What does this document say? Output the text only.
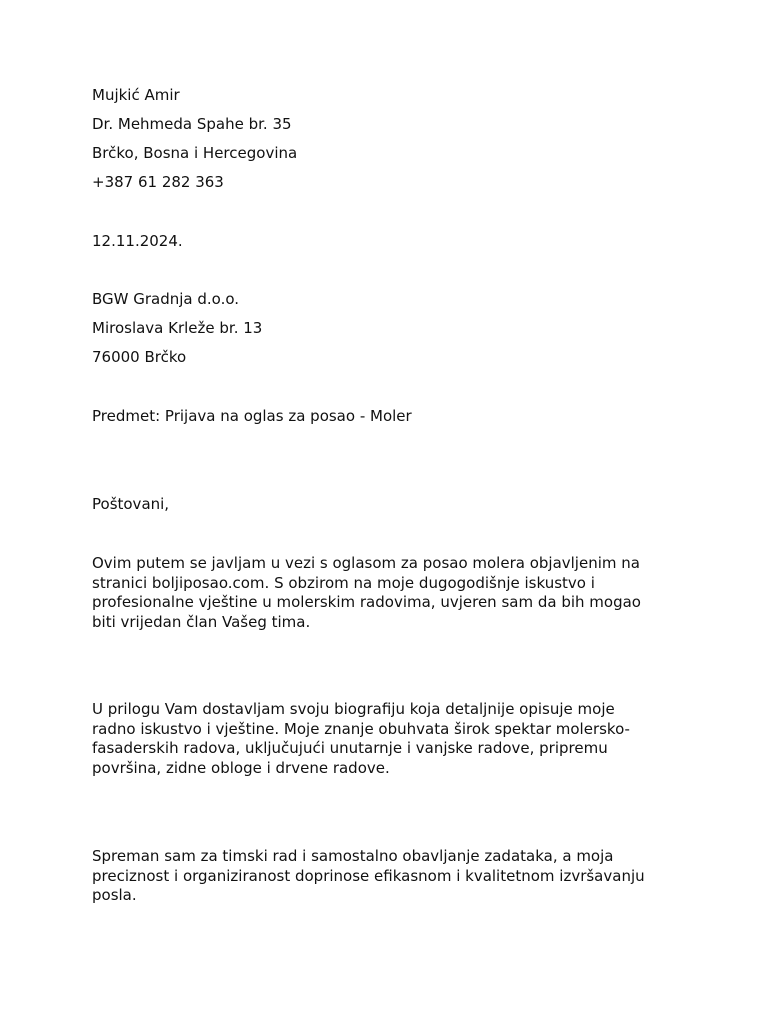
Mujkić Amir

Dr. Mehmeda Spahe br. 35

Brčko, Bosna i Hercegovina

+387 61 282 363

12.11.2024.

BGW Gradnja d.o.o.

Miroslava Krleže br. 13

76000 Brčko

Predmet: Prijava na oglas za posao - Moler

Poštovani,

Ovim putem se javljam u vezi s oglasom za posao molera objavljenim na
stranici boljiposao.com. S obzirom na moje dugogodišnje iskustvo i
profesionalne vještine u molerskim radovima, uvjeren sam da bih mogao
biti vrijedan član Vašeg tima.
U prilogu Vam dostavljam svoju biografiju koja detaljnije opisuje moje
radno iskustvo i vještine. Moje znanje obuhvata širok spektar molersko-
fasaderskih radova, uključujući unutarnje i vanjske radove, pripremu
površina, zidne obloge i drvene radove.
Spreman sam za timski rad i samostalno obavljanje zadataka, a moja
preciznost i organiziranost doprinose efikasnom i kvalitetnom izvršavanju
posla.
